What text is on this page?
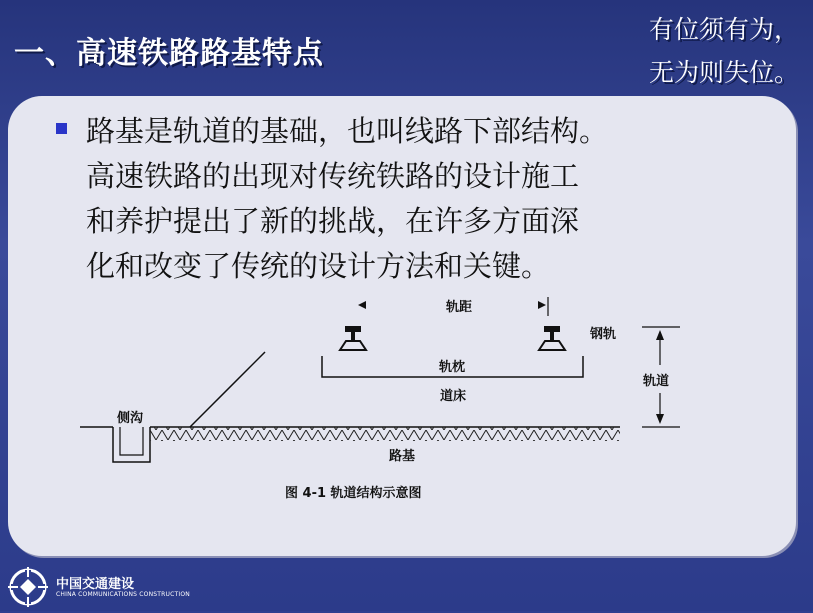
一、高速铁路路基特点
有位须有为，
无为则失位。

路基是轨道的基础，也叫线路下部结构。
高速铁路的出现对传统铁路的设计施工
和养护提出了新的挑战，在许多方面深
化和改变了传统的设计方法和关键。

轨距
钢轨
轨枕
道床
轨道
侧沟
路基
图 4-1 轨道结构示意图
中国交通建设
CHINA COMMUNICATIONS CONSTRUCTION
